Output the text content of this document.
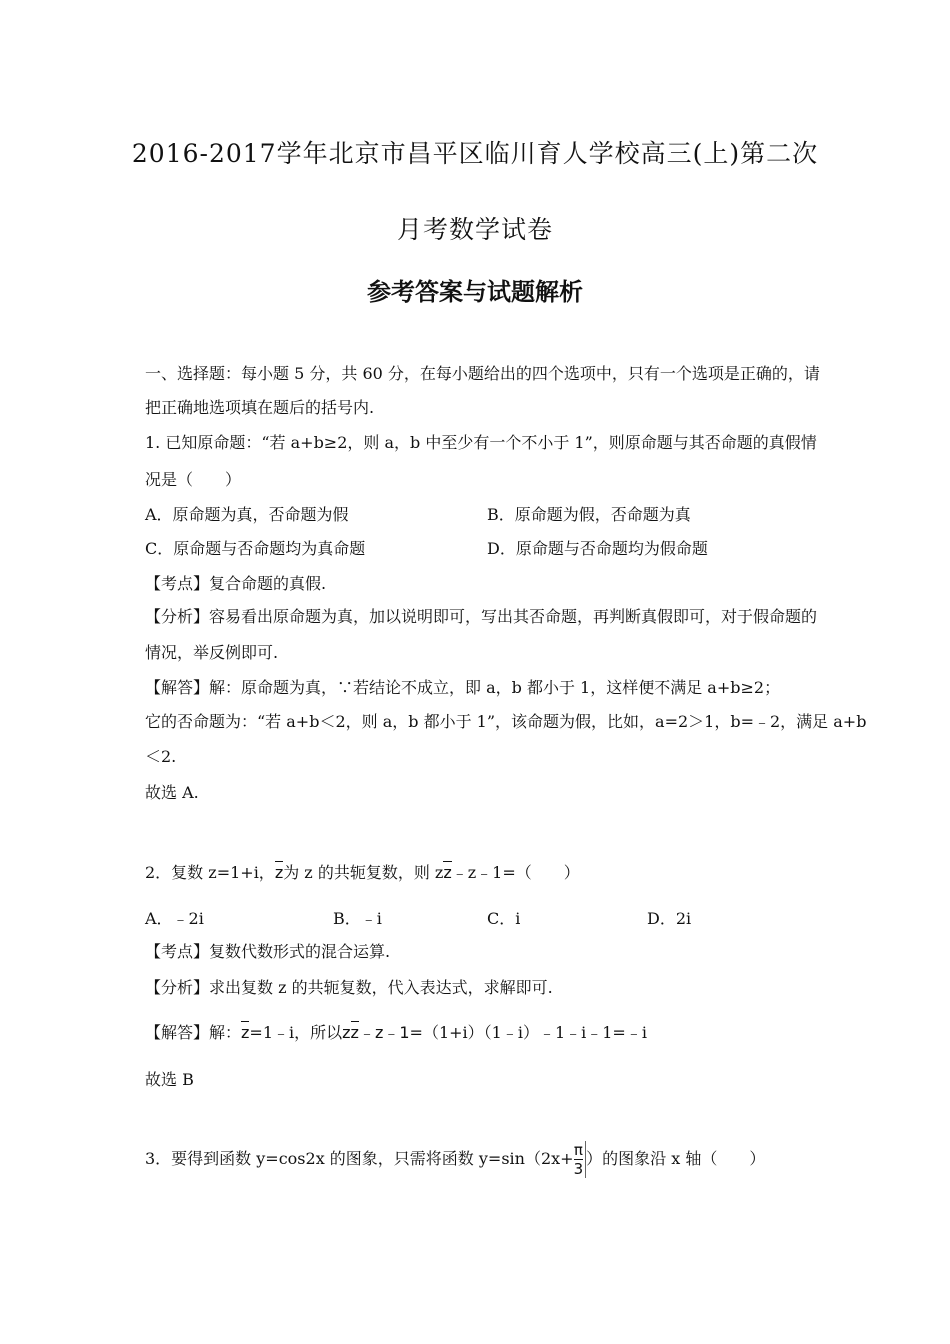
2016-2017学年北京市昌平区临川育人学校高三(上)第二次
月考数学试卷
参考答案与试题解析
一、选择题：每小题 5 分，共 60 分，在每小题给出的四个选项中，只有一个选项是正确的，请
把正确地选项填在题后的括号内.
1. 已知原命题：“若 a+b≥2，则 a，b 中至少有一个不小于 1”，则原命题与其否命题的真假情
况是（　　）
A．原命题为真，否命题为假	B．原命题为假，否命题为真
C．原命题与否命题均为真命题	D．原命题与否命题均为假命题
【考点】复合命题的真假.
【分析】容易看出原命题为真，加以说明即可，写出其否命题，再判断真假即可，对于假命题的
情况，举反例即可.
【解答】解：原命题为真，∵若结论不成立，即 a，b 都小于 1，这样便不满足 a+b≥2；
它的否命题为：“若 a+b＜2，则 a，b 都小于 1”，该命题为假，比如，a=2＞1，b=﹣2，满足 a+b
＜2.
故选 A.
2．复数 z=1+i，z为 z 的共轭复数，则 zz﹣z﹣1=（　　）
A．﹣2i	B．﹣i	C．i	D．2i
【考点】复数代数形式的混合运算.
【分析】求出复数 z 的共轭复数，代入表达式，求解即可.
【解答】解：z=1﹣i，所以zz﹣z﹣1=（1+i）（1﹣i）﹣1﹣i﹣1=﹣i
故选 B
3．要得到函数 y=cos2x 的图象，只需将函数 $y=\sin(2x+ \frac{\pi}{3}$ ）的图象沿 x 轴（　　）
